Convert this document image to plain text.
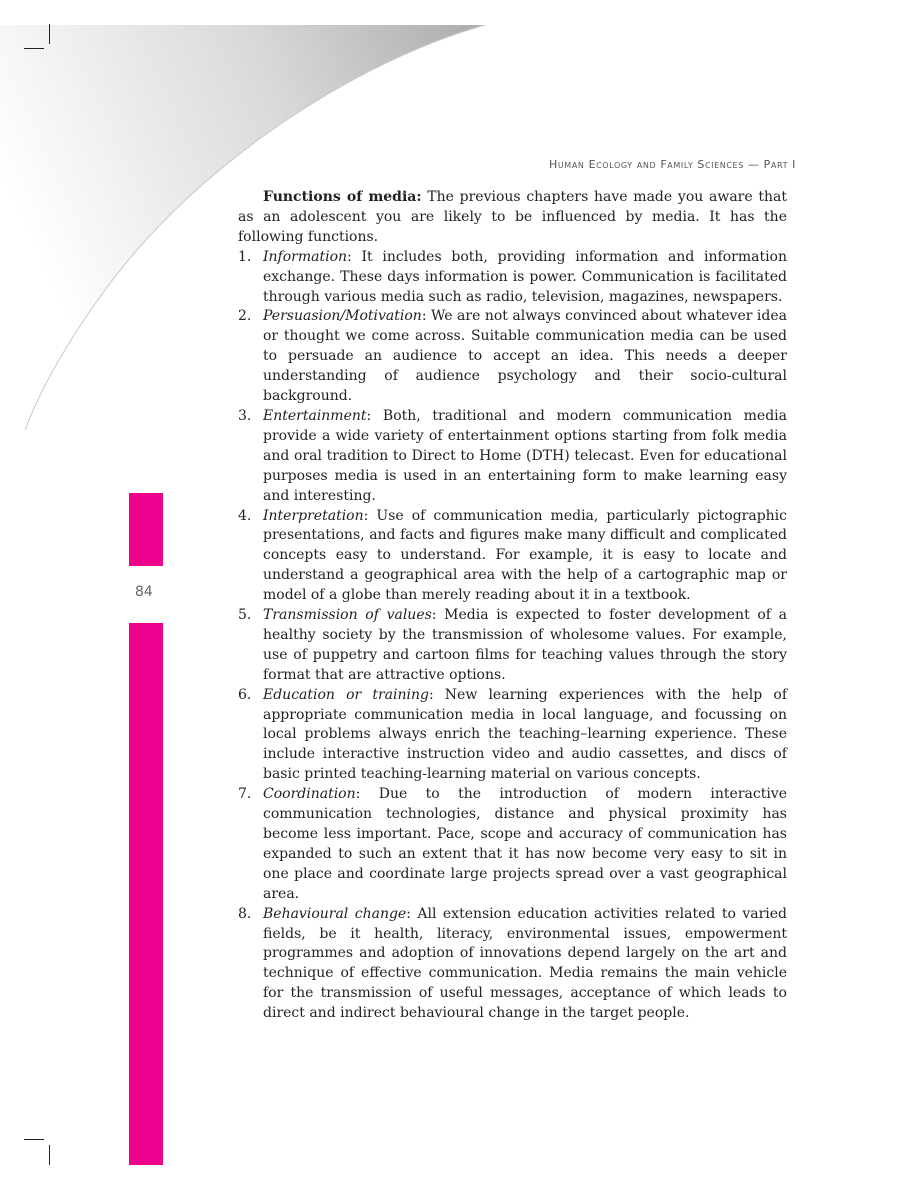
Human Ecology and Family Sciences — Part I
84

Functions of media: The previous chapters have made you aware that as an adolescent you are likely to be influenced by media. It has the following functions.

1. Information: It includes both, providing information and information exchange. These days information is power. Communication is facilitated through various media such as radio, television, magazines, newspapers.
2. Persuasion/Motivation: We are not always convinced about whatever idea or thought we come across. Suitable communication media can be used to persuade an audience to accept an idea. This needs a deeper understanding of audience psychology and their socio-cultural background.
3. Entertainment: Both, traditional and modern communication media provide a wide variety of entertainment options starting from folk media and oral tradition to Direct to Home (DTH) telecast. Even for educational purposes media is used in an entertaining form to make learning easy and interesting.
4. Interpretation: Use of communication media, particularly pictographic presentations, and facts and figures make many difficult and complicated concepts easy to understand. For example, it is easy to locate and understand a geographical area with the help of a cartographic map or model of a globe than merely reading about it in a textbook.
5. Transmission of values: Media is expected to foster development of a healthy society by the transmission of wholesome values. For example, use of puppetry and cartoon films for teaching values through the story format that are attractive options.
6. Education or training: New learning experiences with the help of appropriate communication media in local language, and focussing on local problems always enrich the teaching–learning experience. These include interactive instruction video and audio cassettes, and discs of basic printed teaching-learning material on various concepts.
7. Coordination: Due to the introduction of modern interactive communication technologies, distance and physical proximity has become less important. Pace, scope and accuracy of communication has expanded to such an extent that it has now become very easy to sit in one place and coordinate large projects spread over a vast geographical area.
8. Behavioural change: All extension education activities related to varied fields, be it health, literacy, environmental issues, empowerment programmes and adoption of innovations depend largely on the art and technique of effective communication. Media remains the main vehicle for the transmission of useful messages, acceptance of which leads to direct and indirect behavioural change in the target people.
